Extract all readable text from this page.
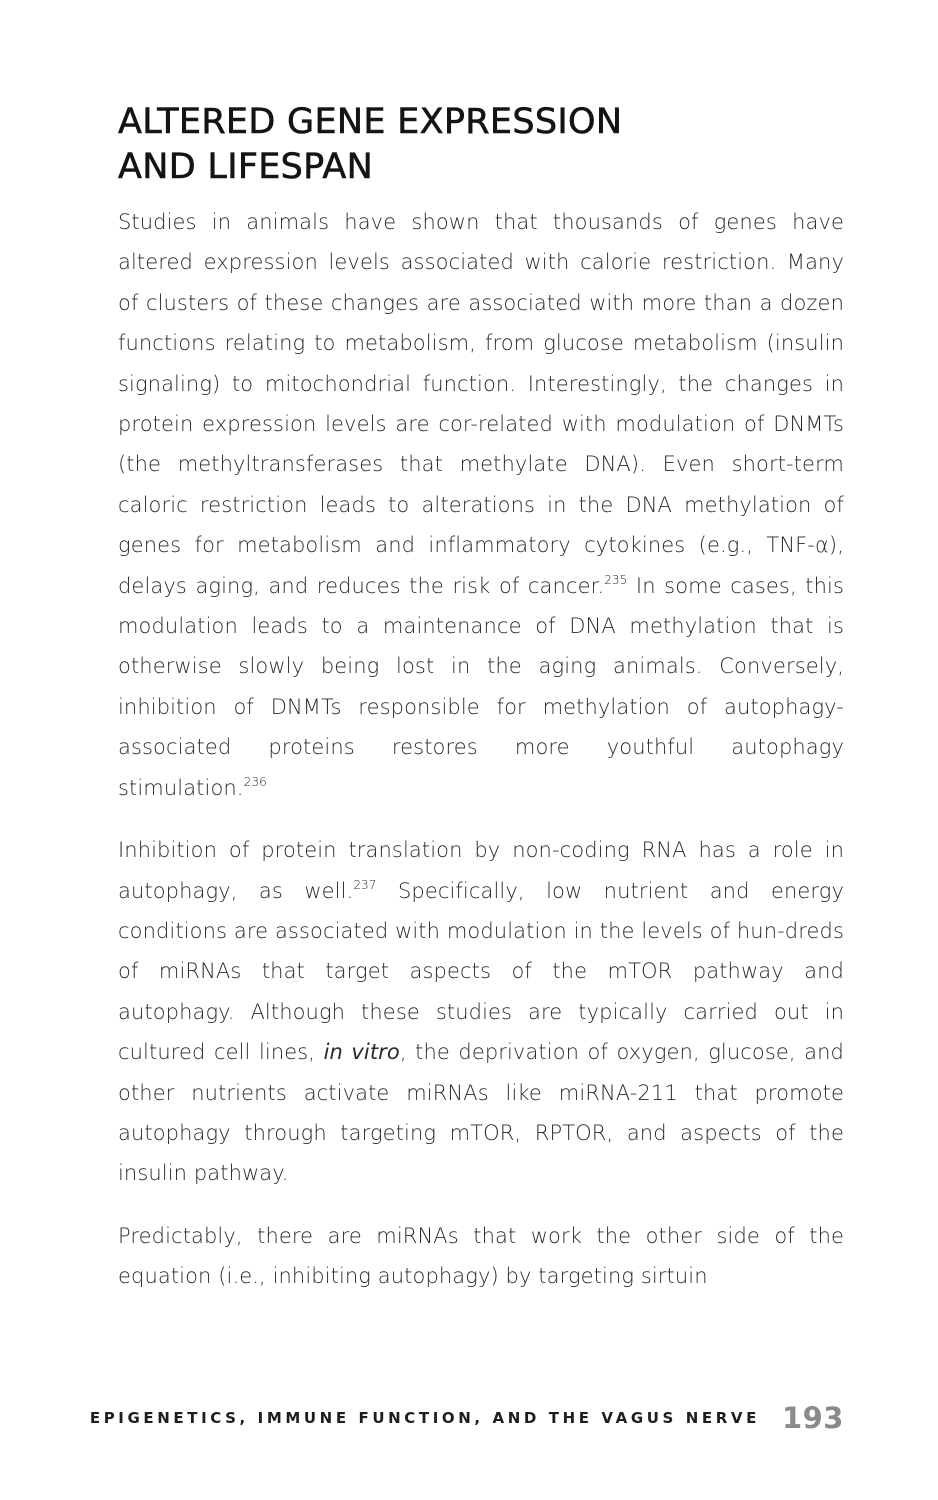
ALTERED GENE EXPRESSION
AND LIFESPAN

Studies in animals have shown that thousands of genes have altered expression levels associated with calorie restriction. Many of clusters of these changes are associated with more than a dozen functions relating to metabolism, from glucose metabolism (insulin signaling) to mitochondrial function. Interestingly, the changes in protein expression levels are cor-related with modulation of DNMTs (the methyltransferases that methylate DNA). Even short-term caloric restriction leads to alterations in the DNA methylation of genes for metabolism and inflammatory cytokines (e.g., TNF-α), delays aging, and reduces the risk of cancer.$^{235}$ In some cases, this modulation leads to a maintenance of DNA methylation that is otherwise slowly being lost in the aging animals. Conversely, inhibition of DNMTs responsible for methylation of autophagy-associated proteins restores more youthful autophagy stimulation.$^{236}$

Inhibition of protein translation by non-coding RNA has a role in autophagy, as well.$^{237}$ Specifically, low nutrient and energy conditions are associated with modulation in the levels of hun-dreds of miRNAs that target aspects of the mTOR pathway and autophagy. Although these studies are typically carried out in cultured cell lines, in vitro, the deprivation of oxygen, glucose, and other nutrients activate miRNAs like miRNA-211 that promote autophagy through targeting mTOR, RPTOR, and aspects of the insulin pathway.

Predictably, there are miRNAs that work the other side of the equation (i.e., inhibiting autophagy) by targeting sirtuin

EPIGENETICS, IMMUNE FUNCTION, AND THE VAGUS NERVE 193
